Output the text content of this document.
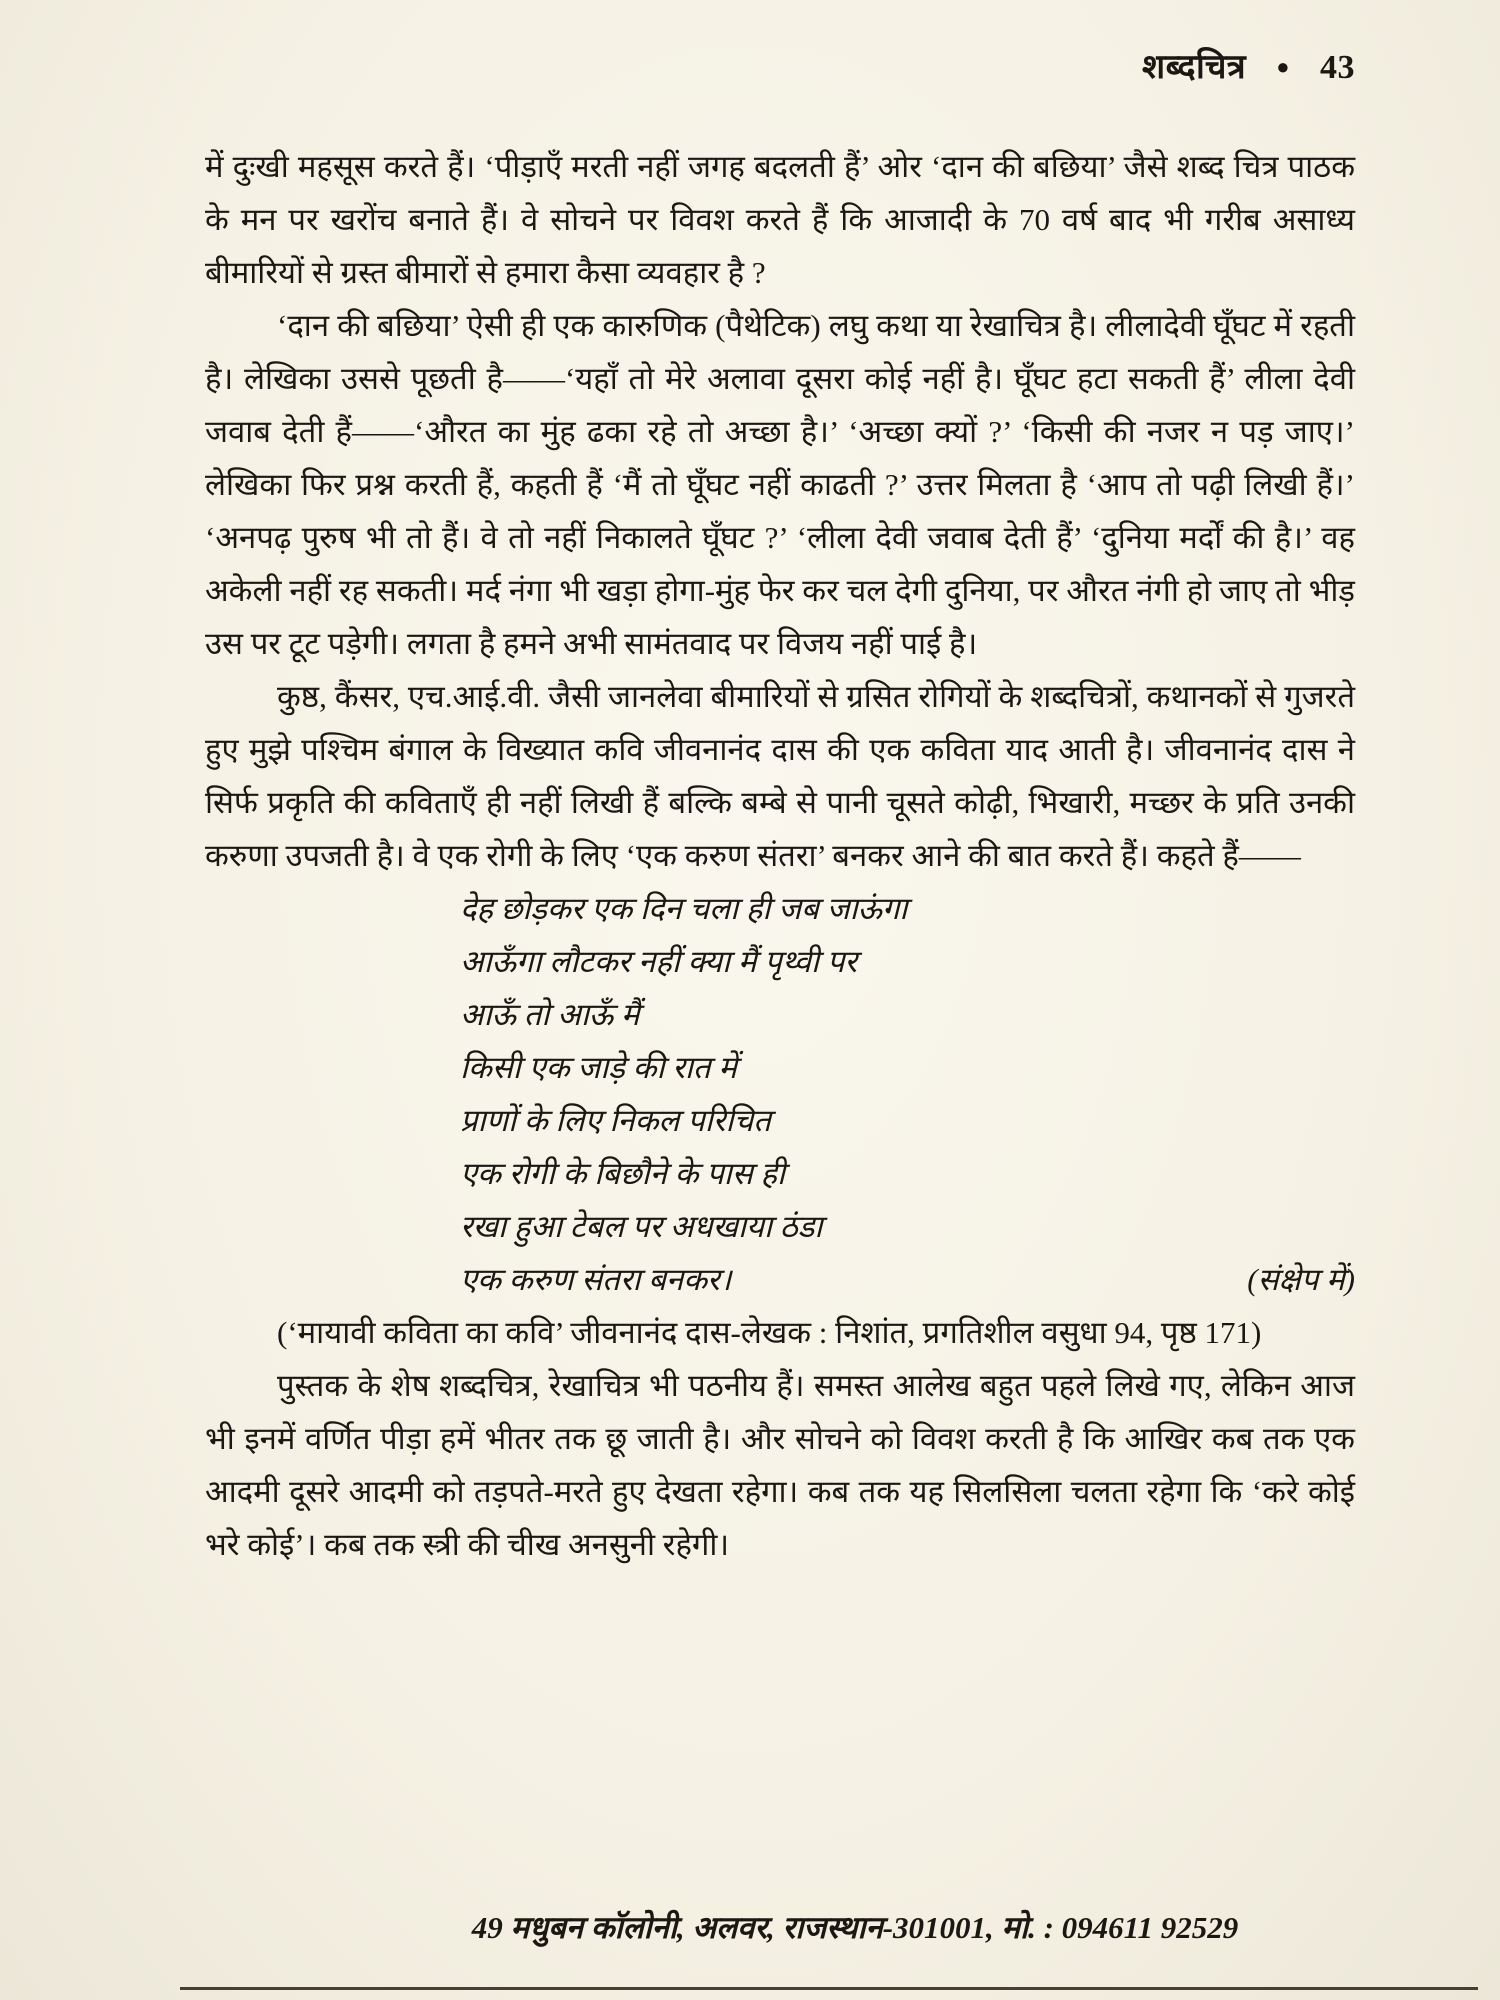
शब्दचित्र ● 43

में दुःखी महसूस करते हैं। ‘पीड़ाएँ मरती नहीं जगह बदलती हैं’ ओर ‘दान की बछिया’ जैसे शब्द चित्र पाठक के मन पर खरोंच बनाते हैं। वे सोचने पर विवश करते हैं कि आजादी के 70 वर्ष बाद भी गरीब असाध्य बीमारियों से ग्रस्त बीमारों से हमारा कैसा व्यवहार है ?

‘दान की बछिया’ ऐसी ही एक कारुणिक (पैथेटिक) लघु कथा या रेखाचित्र है। लीलादेवी घूँघट में रहती है। लेखिका उससे पूछती है——‘यहाँ तो मेरे अलावा दूसरा कोई नहीं है। घूँघट हटा सकती हैं’ लीला देवी जवाब देती हैं——‘औरत का मुंह ढका रहे तो अच्छा है।’ ‘अच्छा क्यों ?’ ‘किसी की नजर न पड़ जाए।’ लेखिका फिर प्रश्न करती हैं, कहती हैं ‘मैं तो घूँघट नहीं काढती ?’ उत्तर मिलता है ‘आप तो पढ़ी लिखी हैं।’ ‘अनपढ़ पुरुष भी तो हैं। वे तो नहीं निकालते घूँघट ?’ ‘लीला देवी जवाब देती हैं’ ‘दुनिया मर्दों की है।’ वह अकेली नहीं रह सकती। मर्द नंगा भी खड़ा होगा-मुंह फेर कर चल देगी दुनिया, पर औरत नंगी हो जाए तो भीड़ उस पर टूट पड़ेगी। लगता है हमने अभी सामंतवाद पर विजय नहीं पाई है।

कुष्ठ, कैंसर, एच.आई.वी. जैसी जानलेवा बीमारियों से ग्रसित रोगियों के शब्दचित्रों, कथानकों से गुजरते हुए मुझे पश्चिम बंगाल के विख्यात कवि जीवनानंद दास की एक कविता याद आती है। जीवनानंद दास ने सिर्फ प्रकृति की कविताएँ ही नहीं लिखी हैं बल्कि बम्बे से पानी चूसते कोढ़ी, भिखारी, मच्छर के प्रति उनकी करुणा उपजती है। वे एक रोगी के लिए ‘एक करुण संतरा’ बनकर आने की बात करते हैं। कहते हैं——

देह छोड़कर एक दिन चला ही जब जाऊंगा
आऊँगा लौटकर नहीं क्या मैं पृथ्वी पर
आऊँ तो आऊँ मैं
किसी एक जाड़े की रात में
प्राणों के लिए निकल परिचित
एक रोगी के बिछौने के पास ही
रखा हुआ टेबल पर अधखाया ठंडा
एक करुण संतरा बनकर।	(संक्षेप में)

(‘मायावी कविता का कवि’ जीवनानंद दास-लेखक : निशांत, प्रगतिशील वसुधा 94, पृष्ठ 171)

पुस्तक के शेष शब्दचित्र, रेखाचित्र भी पठनीय हैं। समस्त आलेख बहुत पहले लिखे गए, लेकिन आज भी इनमें वर्णित पीड़ा हमें भीतर तक छू जाती है। और सोचने को विवश करती है कि आखिर कब तक एक आदमी दूसरे आदमी को तड़पते-मरते हुए देखता रहेगा। कब तक यह सिलसिला चलता रहेगा कि ‘करे कोई भरे कोई’। कब तक स्त्री की चीख अनसुनी रहेगी।

49 मधुबन कॉलोनी, अलवर, राजस्थान-301001, मो. : 094611 92529
